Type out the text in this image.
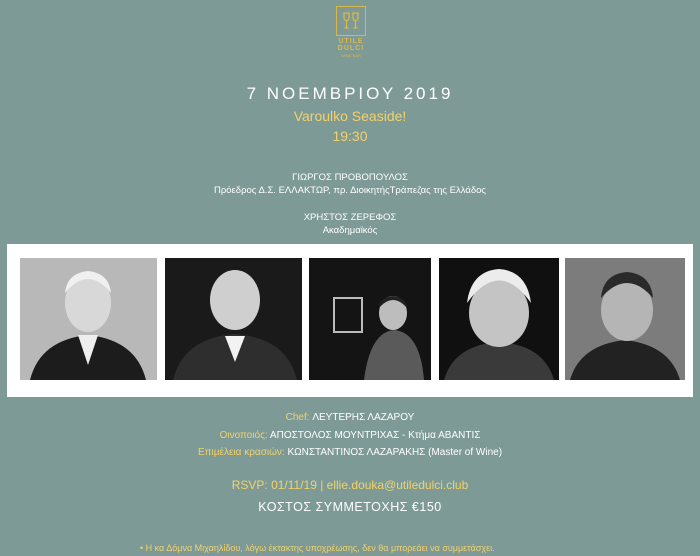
UTILE DULCI
WINE BAR
7 ΝΟΕΜΒΡΙΟΥ 2019
Varoulko Seaside!
19:30
ΓΙΩΡΓΟΣ ΠΡΟΒΟΠΟΥΛΟΣ
Πρόεδρος Δ.Σ. ΕΛΛΑΚΤΩΡ, πρ. ΔιοικητήςΤράπεζας της Ελλάδος
ΧΡΗΣΤΟΣ ΖΕΡΕΦΟΣ
Ακαδημαϊκός
Chef: ΛΕΥΤΕΡΗΣ ΛΑΖΑΡΟΥ
Οινοποιός: ΑΠΟΣΤΟΛΟΣ ΜΟΥΝΤΡΙΧΑΣ - Κτήμα ΑΒΑΝΤΙΣ
Επιμέλεια κρασιών: ΚΩΝΣΤΑΝΤΙΝΟΣ ΛΑΖΑΡΑΚΗΣ (Master of Wine)
RSVP: 01/11/19 | ellie.douka@utiledulci.club
ΚΟΣΤΟΣ ΣΥΜΜΕΤΟΧΗΣ €150
• Η κα Δόμνα Μιχαηλίδου, λόγω έκτακτης υποχρέωσης, δεν θα μπορεάει να συμμετάσχει.
